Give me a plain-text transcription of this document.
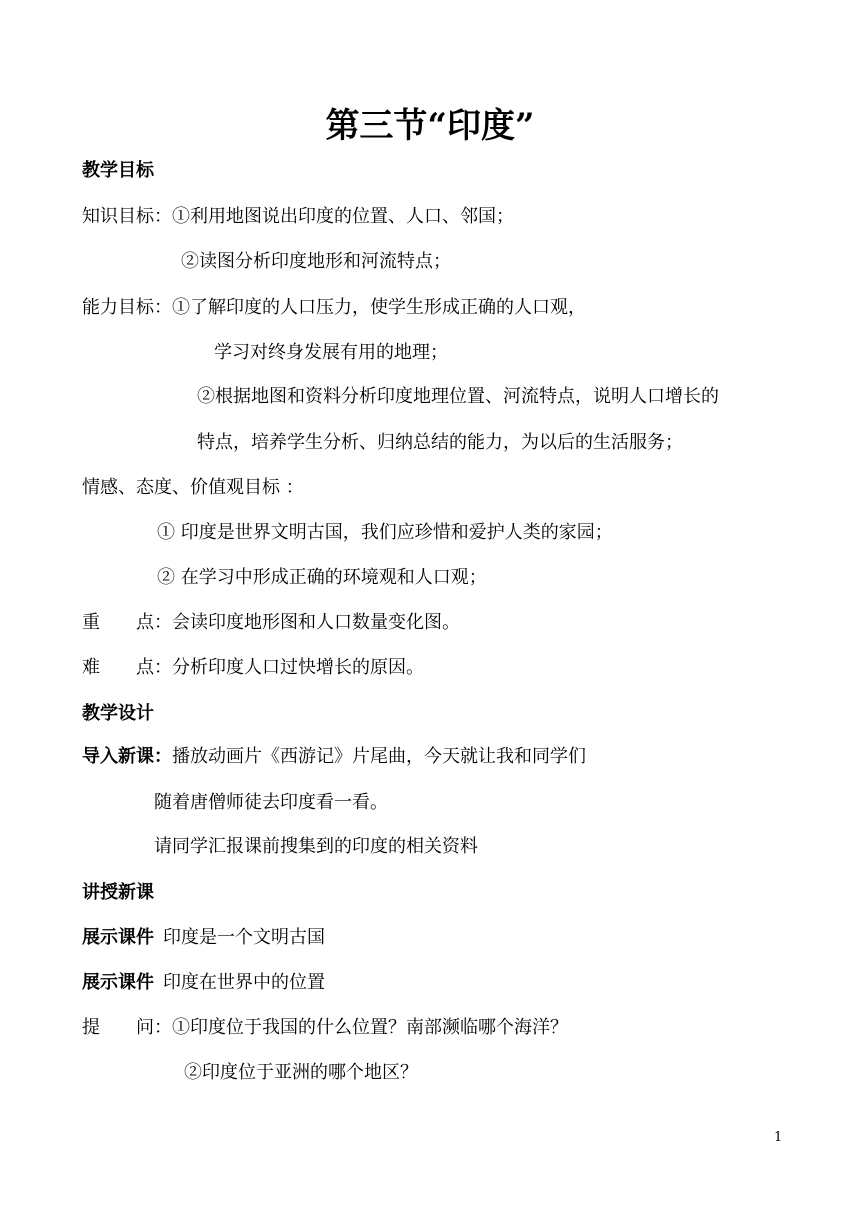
第三节“印度”
教学目标
知识目标：①利用地图说出印度的位置、人口、邻国；
②读图分析印度地形和河流特点；
能力目标：①了解印度的人口压力，使学生形成正确的人口观，
学习对终身发展有用的地理；
②根据地图和资料分析印度地理位置、河流特点，说明人口增长的
特点，培养学生分析、归纳总结的能力，为以后的生活服务；
情感、态度、价值观目标 ：
① 印度是世界文明古国，我们应珍惜和爱护人类的家园；
② 在学习中形成正确的环境观和人口观；
重　　点：会读印度地形图和人口数量变化图。
难　　点：分析印度人口过快增长的原因。
教学设计
导入新课：播放动画片《西游记》片尾曲，今天就让我和同学们
随着唐僧师徒去印度看一看。
请同学汇报课前搜集到的印度的相关资料
讲授新课
展示课件  印度是一个文明古国
展示课件  印度在世界中的位置
提　　问：①印度位于我国的什么位置？南部濒临哪个海洋？
②印度位于亚洲的哪个地区？
1
